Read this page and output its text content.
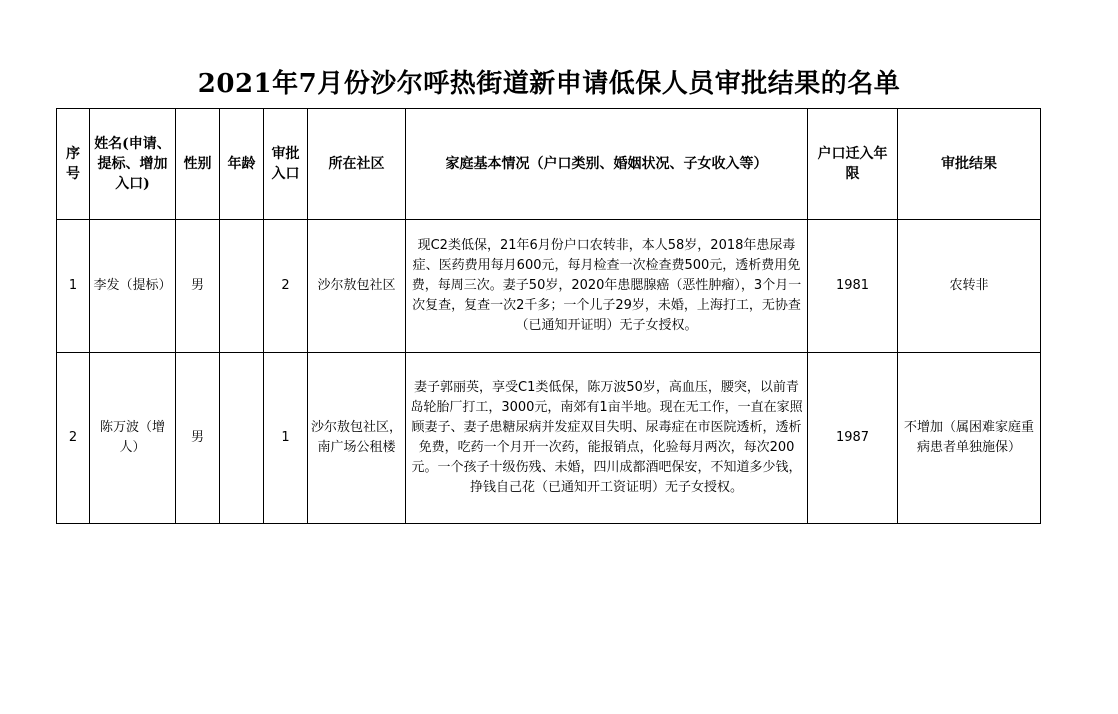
2021年7月份沙尔呼热街道新申请低保人员审批结果的名单
序号	姓名(申请、提标、增加入口)	性别	年龄	审批入口	所在社区	家庭基本情况（户口类别、婚姻状况、子女收入等）	户口迁入年限	审批结果
1	李发（提标）	男		2	沙尔敖包社区	现C2类低保，21年6月份户口农转非，本人58岁，2018年患尿毒症、医药费用每月600元，每月检查一次检查费500元，透析费用免费，每周三次。妻子50岁，2020年患腮腺癌（恶性肿瘤），3个月一次复查，复查一次2千多；一个儿子29岁，未婚，上海打工，无协查（已通知开证明）无子女授权。	1981	农转非
2	陈万波（增人）	男		1	沙尔敖包社区，南广场公租楼	妻子郭丽英，享受C1类低保，陈万波50岁，高血压，腰突，以前青岛轮胎厂打工，3000元，南郊有1亩半地。现在无工作，一直在家照顾妻子、妻子患糖尿病并发症双目失明、尿毒症在市医院透析，透析免费，吃药一个月开一次药，能报销点，化验每月两次，每次200元。一个孩子十级伤残、未婚，四川成都酒吧保安，不知道多少钱，挣钱自己花（已通知开工资证明）无子女授权。	1987	不增加（属困难家庭重病患者单独施保）
